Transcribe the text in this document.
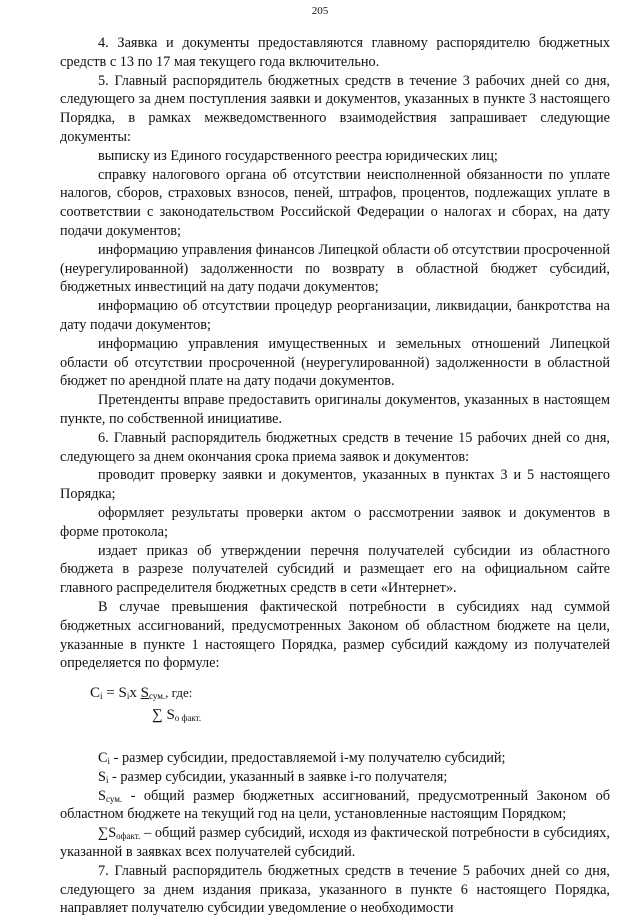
205

4. Заявка и документы предоставляются главному распорядителю бюджетных средств с 13 по 17 мая текущего года включительно.

5. Главный распорядитель бюджетных средств в течение 3 рабочих дней со дня, следующего за днем поступления заявки и документов, указанных в пункте 3 настоящего Порядка, в рамках межведомственного взаимодействия запрашивает следующие документы:

выписку из Единого государственного реестра юридических лиц;

справку налогового органа об отсутствии неисполненной обязанности по уплате налогов, сборов, страховых взносов, пеней, штрафов, процентов, подлежащих уплате в соответствии с законодательством Российской Федерации о налогах и сборах, на дату подачи документов;

информацию управления финансов Липецкой области об отсутствии просроченной (неурегулированной) задолженности по возврату в областной бюджет субсидий, бюджетных инвестиций на дату подачи документов;

информацию об отсутствии процедур реорганизации, ликвидации, банкротства на дату подачи документов;

информацию управления имущественных и земельных отношений Липецкой области об отсутствии просроченной (неурегулированной) задолженности в областной бюджет по арендной плате на дату подачи документов.

Претенденты вправе предоставить оригиналы документов, указанных в настоящем пункте, по собственной инициативе.

6. Главный распорядитель бюджетных средств в течение 15 рабочих дней со дня, следующего за днем окончания срока приема заявок и документов:

проводит проверку заявки и документов, указанных в пунктах 3 и 5 настоящего Порядка;

оформляет результаты проверки актом о рассмотрении заявок и документов в форме протокола;

издает приказ об утверждении перечня получателей субсидии из областного бюджета в разрезе получателей субсидий и размещает его на официальном сайте главного распределителя бюджетных средств в сети «Интернет».

В случае превышения фактической потребности в субсидиях над суммой бюджетных ассигнований, предусмотренных Законом об областном бюджете на цели, указанные в пункте 1 настоящего Порядка, размер субсидий каждому из получателей определяется по формуле:

$C_i = S_ix$ $S_{сум.}$, где:
∑ $S_{о факт.}$

$C_i$ - размер субсидии, предоставляемой i-му получателю субсидий;

$S_i$ - размер субсидии, указанный в заявке i-го получателя;

$S_{сум.}$ - общий размер бюджетных ассигнований, предусмотренный Законом об областном бюджете на текущий год на цели, установленные настоящим Порядком;

$\sum S_{офакт.}$ – общий размер субсидий, исходя из фактической потребности в субсидиях, указанной в заявках всех получателей субсидий.

7. Главный распорядитель бюджетных средств в течение 5 рабочих дней со дня, следующего за днем издания приказа, указанного в пункте 6 настоящего Порядка, направляет получателю субсидии уведомление о необходимости
